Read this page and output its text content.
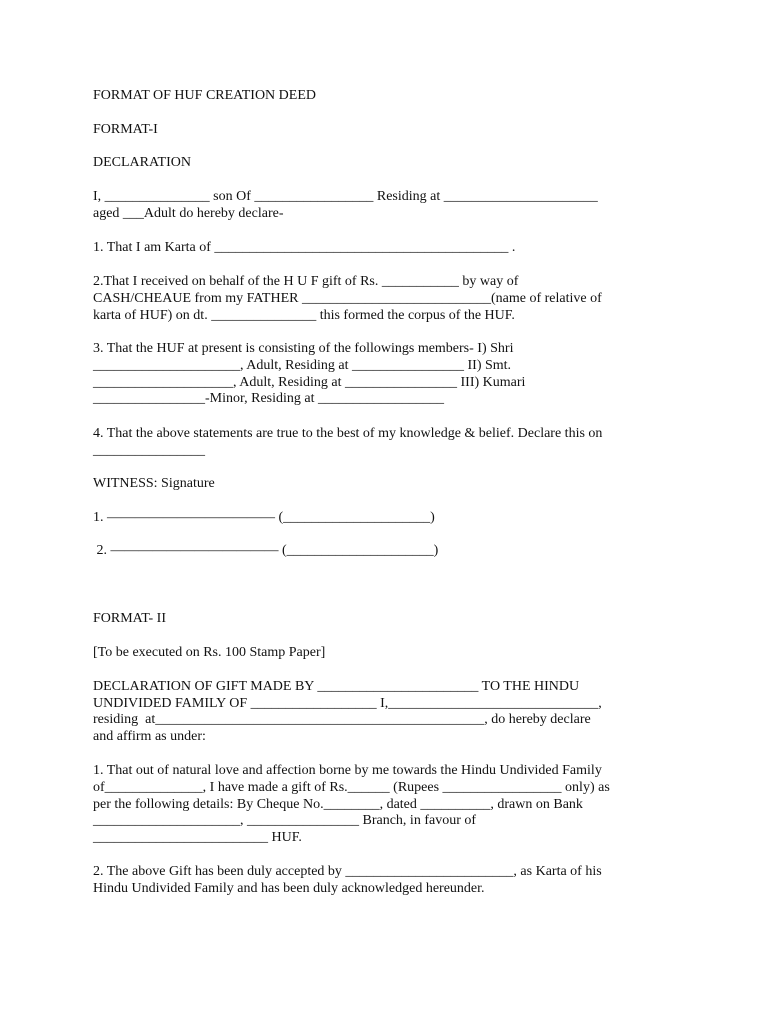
FORMAT OF HUF CREATION DEED
FORMAT-I
DECLARATION
I, _______________ son Of _________________ Residing at ______________________
aged ___Adult do hereby declare-
1. That I am Karta of __________________________________________ .
2.That I received on behalf of the H U F gift of Rs. ___________ by way of
CASH/CHEAUE from my FATHER ___________________________(name of relative of
karta of HUF) on dt. _______________ this formed the corpus of the HUF.
3. That the HUF at present is consisting of the followings members- I) Shri
_____________________, Adult, Residing at ________________ II) Smt.
____________________, Adult, Residing at ________________ III) Kumari
________________-Minor, Residing at __________________
4. That the above statements are true to the best of my knowledge & belief. Declare this on
________________
WITNESS: Signature
1. ———————————— (_____________________)
2. ———————————— (_____________________)
FORMAT- II
[To be executed on Rs. 100 Stamp Paper]
DECLARATION OF GIFT MADE BY _______________________ TO THE HINDU
UNDIVIDED FAMILY OF __________________ I,______________________________,
residing  at_______________________________________________, do hereby declare
and affirm as under:
1. That out of natural love and affection borne by me towards the Hindu Undivided Family
of______________, I have made a gift of Rs.______ (Rupees _________________ only) as
per the following details: By Cheque No.________, dated __________, drawn on Bank
_____________________, ________________ Branch, in favour of
_________________________ HUF.
2. The above Gift has been duly accepted by ________________________, as Karta of his
Hindu Undivided Family and has been duly acknowledged hereunder.
